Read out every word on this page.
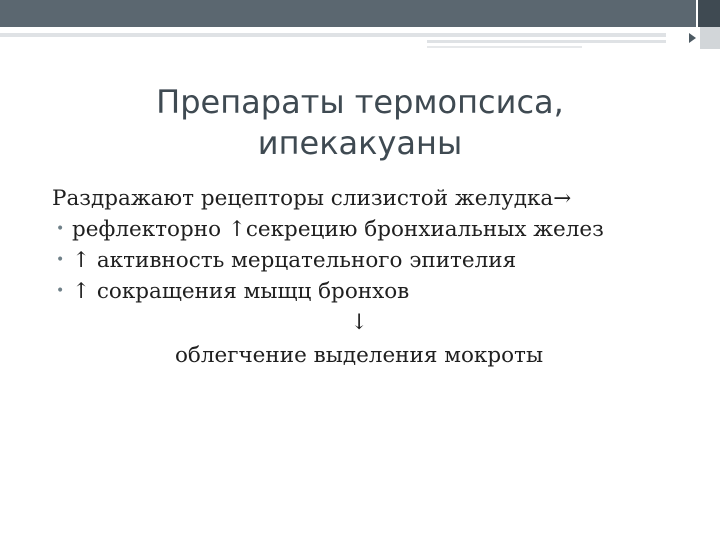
Препараты термопсиса, ипекакуаны
Раздражают рецепторы слизистой желудка→
• рефлекторно ↑секрецию бронхиальных желез
• ↑ активность мерцательного эпителия
• ↑ сокращения мыщц бронхов
↓
облегчение выделения мокроты
